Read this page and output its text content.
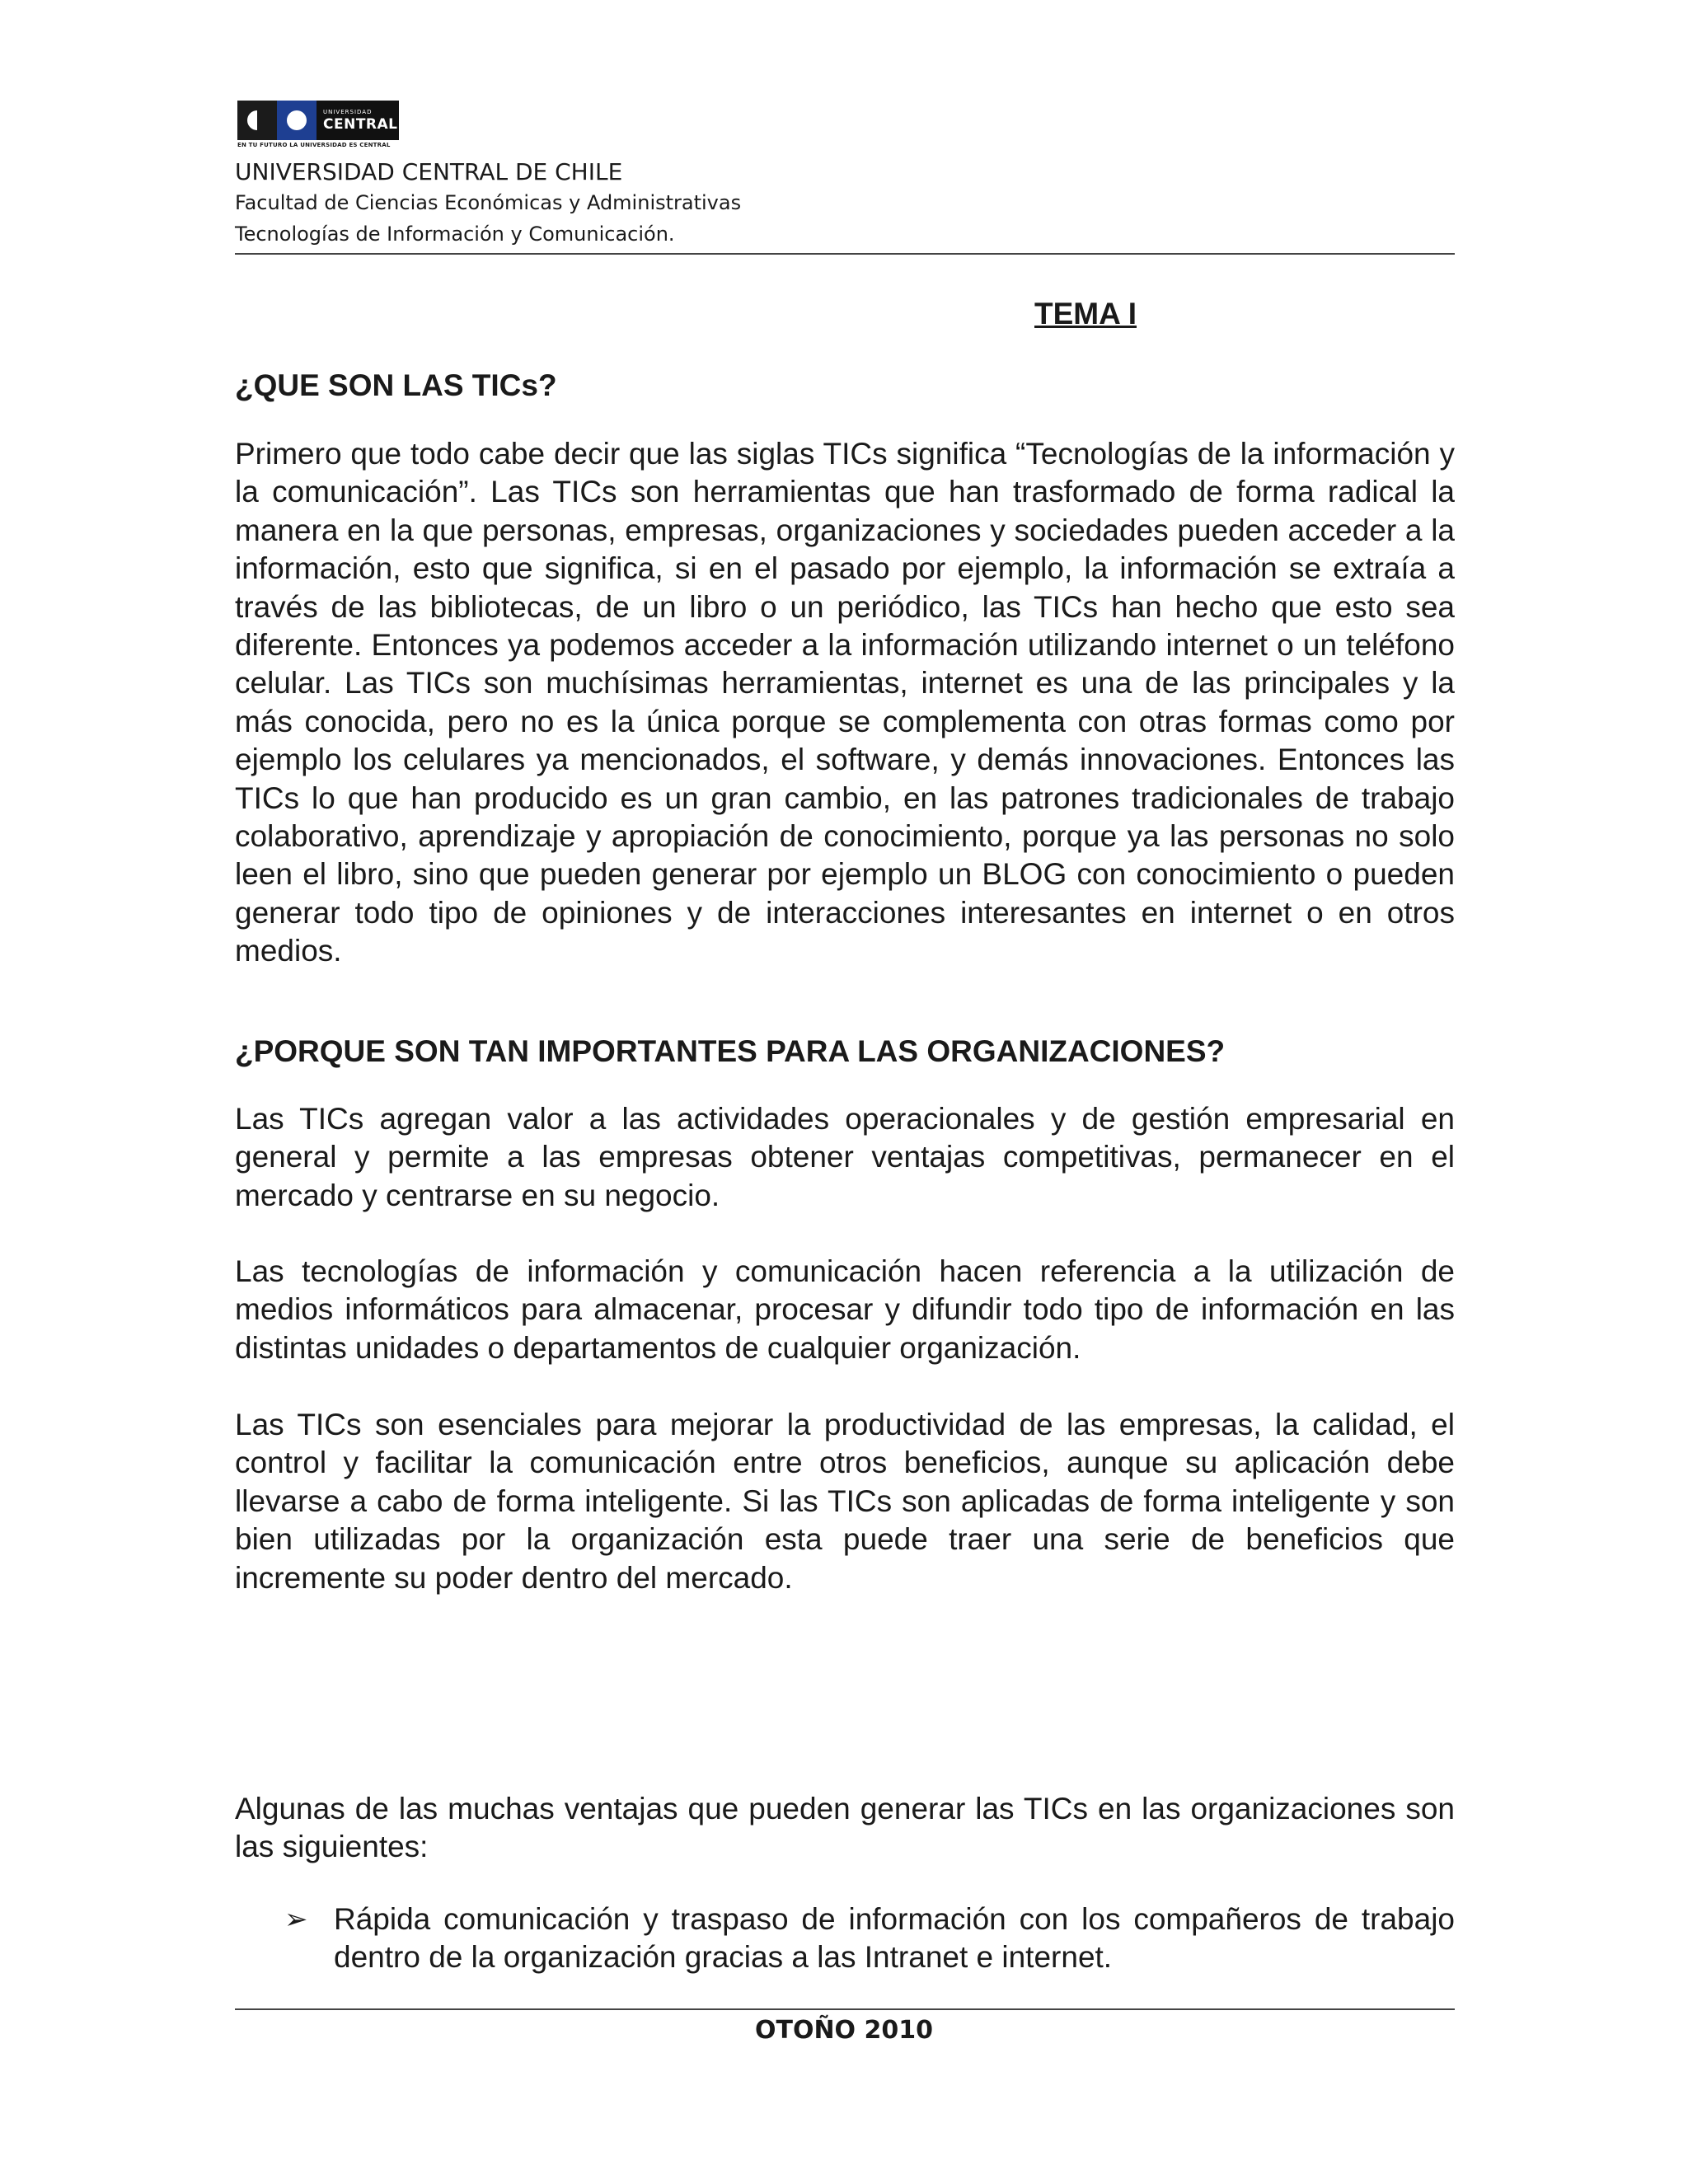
UNIVERSIDAD
CENTRAL
EN TU FUTURO LA UNIVERSIDAD ES CENTRAL
UNIVERSIDAD CENTRAL DE CHILE
Facultad de Ciencias Económicas y Administrativas
Tecnologías de Información y Comunicación.
TEMA I
¿QUE SON LAS TICs?

Primero que todo cabe decir que las siglas TICs significa “Tecnologías de la información y la comunicación”. Las TICs son herramientas que han trasformado de forma radical la manera en la que personas, empresas, organizaciones y sociedades pueden acceder a la información, esto que significa, si en el pasado por ejemplo, la información se extraía a través de las bibliotecas, de un libro o un periódico, las TICs han hecho que esto sea diferente. Entonces ya podemos acceder a la información utilizando internet o un teléfono celular. Las TICs son muchísimas herramientas, internet es una de las principales y la más conocida, pero no es la única porque se complementa con otras formas como por ejemplo los celulares ya mencionados, el software, y demás innovaciones. Entonces las TICs lo que han producido es un gran cambio, en las patrones tradicionales de trabajo colaborativo, aprendizaje y apropiación de conocimiento, porque ya las personas no solo leen el libro, sino que pueden generar por ejemplo un BLOG con conocimiento o pueden generar todo tipo de opiniones y de interacciones interesantes en internet o en otros medios.

¿PORQUE SON TAN IMPORTANTES PARA LAS ORGANIZACIONES?

Las TICs agregan valor a las actividades operacionales y de gestión empresarial en general y permite a las empresas obtener ventajas competitivas, permanecer en el mercado y centrarse en su negocio.

Las tecnologías de información y comunicación hacen referencia a la utilización de medios informáticos para almacenar, procesar y difundir todo tipo de información en las distintas unidades o departamentos de cualquier organización.

Las TICs son esenciales para mejorar la productividad de las empresas, la calidad, el control y facilitar la comunicación entre otros beneficios, aunque su aplicación debe llevarse a cabo de forma inteligente. Si las TICs son aplicadas de forma inteligente y son bien utilizadas por la organización esta puede traer una serie de beneficios que incremente su poder dentro del mercado.

Algunas de las muchas ventajas que pueden generar las TICs en las organizaciones son las siguientes:

➢ Rápida comunicación y traspaso de información con los compañeros de trabajo dentro de la organización gracias a las Intranet e internet.
OTOÑO 2010
